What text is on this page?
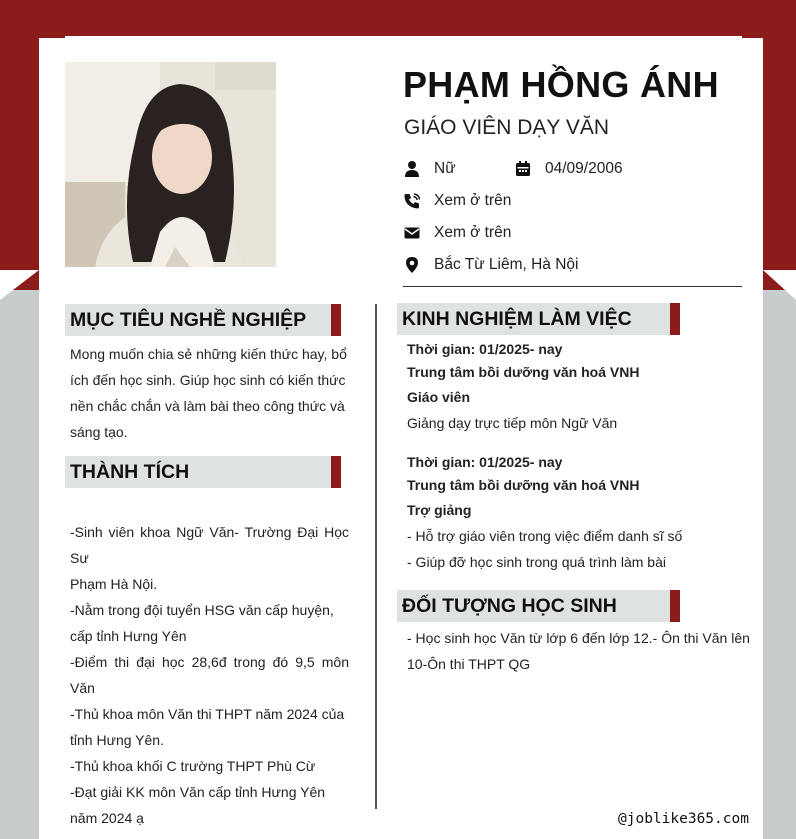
PHẠM HỒNG ÁNH
GIÁO VIÊN DẠY VĂN
Nữ	04/09/2006
Xem ở trên
Xem ở trên
Bắc Từ Liêm, Hà Nội
MỤC TIÊU NGHỀ NGHIỆP
Mong muốn chia sẻ những kiến thức hay, bổ
ích đến học sinh. Giúp học sinh có kiến thức
nền chắc chắn và làm bài theo công thức và
sáng tạo.
THÀNH TÍCH
-Sinh viên khoa Ngữ Văn- Trường Đại Học Sư
Phạm Hà Nội.
-Nằm trong đội tuyển HSG văn cấp huyện,
cấp tỉnh Hưng Yên
-Điểm thi đại học 28,6đ trong đó 9,5 môn Văn
-Thủ khoa môn Văn thi THPT năm 2024 của
tỉnh Hưng Yên.
-Thủ khoa khối C trường THPT Phù Cừ
-Đạt giải KK môn Văn cấp tỉnh Hưng Yên
năm 2024 ạ
KINH NGHIỆM LÀM VIỆC
Thời gian: 01/2025- nay
Trung tâm bồi dưỡng văn hoá VNH
Giáo viên
Giảng dạy trực tiếp môn Ngữ Văn
Thời gian: 01/2025- nay
Trung tâm bồi dưỡng văn hoá VNH
Trợ giảng
- Hỗ trợ giáo viên trong việc điểm danh sĩ số
- Giúp đỡ học sinh trong quá trình làm bài
ĐỐI TƯỢNG HỌC SINH
- Học sinh học Văn từ lớp 6 đến lớp 12.- Ôn thi Văn lên
10-Ôn thi THPT QG
@joblike365.com
